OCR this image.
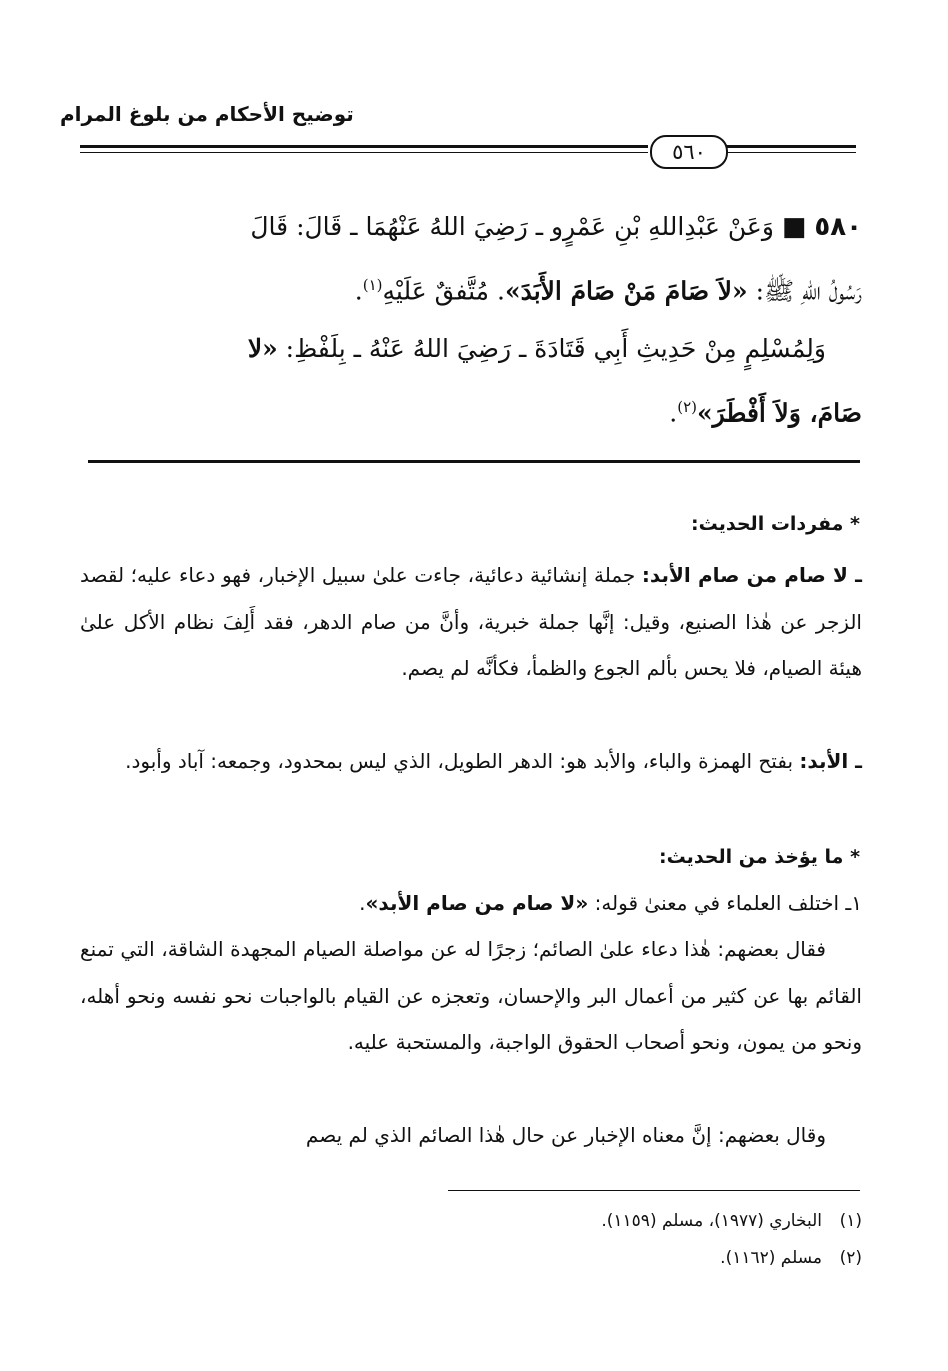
توضيح الأحكام من بلوغ المرام
٥٦٠
٥٨٠ ■ وَعَنْ عَبْدِاللهِ بْنِ عَمْرٍو ـ رَضِيَ اللهُ عَنْهُمَا ـ قَالَ: قَالَ
رَسُولُ اللهِ ﷺ: «لاَ صَامَ مَنْ صَامَ الأَبَدَ». مُتَّفقٌ عَلَيْهِ$^{(١)}$.
وَلِمُسْلِمٍ مِنْ حَدِيثِ أَبِي قَتَادَةَ ـ رَضِيَ اللهُ عَنْهُ ـ بِلَفْظِ: «لا
صَامَ، وَلاَ أَفْطَرَ»$^{(٢)}$.
* مفردات الحديث:
ـ لا صام من صام الأبد: جملة إنشائية دعائية، جاءت علىٰ سبيل الإخبار، فهو دعاء عليه؛ لقصد الزجر عن هٰذا الصنيع، وقيل: إنَّها جملة خبرية، وأنَّ من صام الدهر، فقد أَلِفَ نظام الأكل علىٰ هيئة الصيام، فلا يحس بألم الجوع والظمأ، فكأنَّه لم يصم.
ـ الأبد: بفتح الهمزة والباء، والأبد هو: الدهر الطويل، الذي ليس بمحدود، وجمعه: آباد وأبود.
* ما يؤخذ من الحديث:
١ـ اختلف العلماء في معنىٰ قوله: «لا صام من صام الأبد».
فقال بعضهم: هٰذا دعاء علىٰ الصائم؛ زجرًا له عن مواصلة الصيام المجهدة الشاقة، التي تمنع القائم بها عن كثير من أعمال البر والإحسان، وتعجزه عن القيام بالواجبات نحو نفسه ونحو أهله، ونحو من يمون، ونحو أصحاب الحقوق الواجبة، والمستحبة عليه.
وقال بعضهم: إنَّ معناه الإخبار عن حال هٰذا الصائم الذي لم يصم
(١)البخاري (١٩٧٧)، مسلم (١١٥٩).
(٢)مسلم (١١٦٢).
